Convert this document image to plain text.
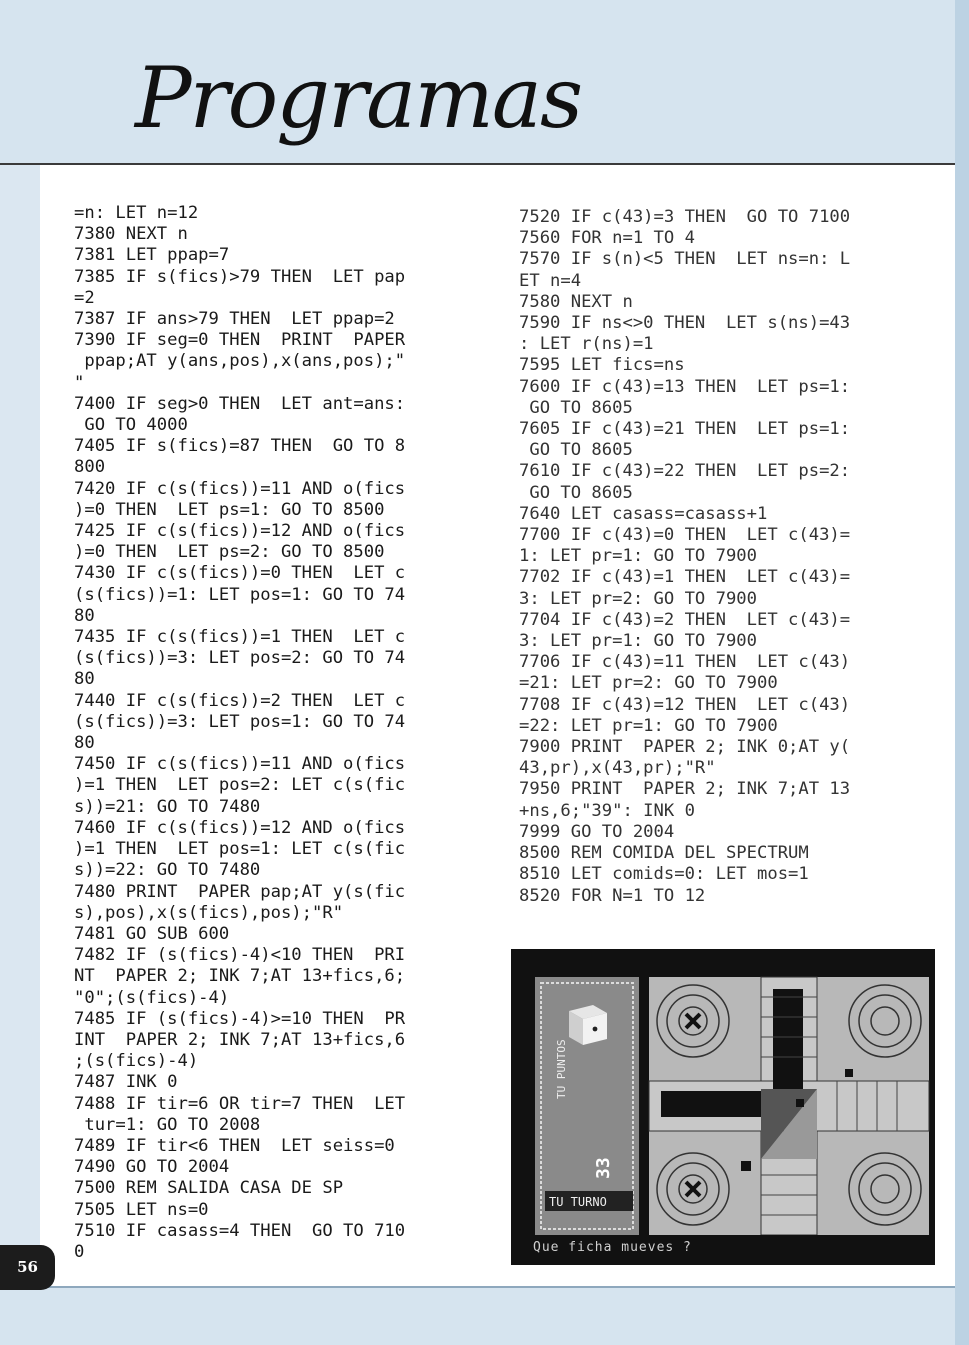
Programas
=n: LET n=12
7380 NEXT n
7381 LET ppap=7
7385 IF s(fics)>79 THEN  LET pap
=2
7387 IF ans>79 THEN  LET ppap=2
7390 IF seg=0 THEN  PRINT  PAPER
ppap;AT y(ans,pos),x(ans,pos);"
"
7400 IF seg>0 THEN  LET ant=ans:
GO TO 4000
7405 IF s(fics)=87 THEN  GO TO 8
800
7420 IF c(s(fics))=11 AND o(fics
)=0 THEN  LET ps=1: GO TO 8500
7425 IF c(s(fics))=12 AND o(fics
)=0 THEN  LET ps=2: GO TO 8500
7430 IF c(s(fics))=0 THEN  LET c
(s(fics))=1: LET pos=1: GO TO 74
80
7435 IF c(s(fics))=1 THEN  LET c
(s(fics))=3: LET pos=2: GO TO 74
80
7440 IF c(s(fics))=2 THEN  LET c
(s(fics))=3: LET pos=1: GO TO 74
80
7450 IF c(s(fics))=11 AND o(fics
)=1 THEN  LET pos=2: LET c(s(fic
s))=21: GO TO 7480
7460 IF c(s(fics))=12 AND o(fics
)=1 THEN  LET pos=1: LET c(s(fic
s))=22: GO TO 7480
7480 PRINT  PAPER pap;AT y(s(fic
s),pos),x(s(fics),pos);"R"
7481 GO SUB 600
7482 IF (s(fics)-4)<10 THEN  PRI
NT  PAPER 2; INK 7;AT 13+fics,6;
"0";(s(fics)-4)
7485 IF (s(fics)-4)>=10 THEN  PR
INT  PAPER 2; INK 7;AT 13+fics,6
;(s(fics)-4)
7487 INK 0
7488 IF tir=6 OR tir=7 THEN  LET
tur=1: GO TO 2008
7489 IF tir<6 THEN  LET seiss=0
7490 GO TO 2004
7500 REM SALIDA CASA DE SP
7505 LET ns=0
7510 IF casass=4 THEN  GO TO 710
0
7520 IF c(43)=3 THEN  GO TO 7100
7560 FOR n=1 TO 4
7570 IF s(n)<5 THEN  LET ns=n: L
ET n=4
7580 NEXT n
7590 IF ns<>0 THEN  LET s(ns)=43
: LET r(ns)=1
7595 LET fics=ns
7600 IF c(43)=13 THEN  LET ps=1:
GO TO 8605
7605 IF c(43)=21 THEN  LET ps=1:
GO TO 8605
7610 IF c(43)=22 THEN  LET ps=2:
GO TO 8605
7640 LET casass=casass+1
7700 IF c(43)=0 THEN  LET c(43)=
1: LET pr=1: GO TO 7900
7702 IF c(43)=1 THEN  LET c(43)=
3: LET pr=2: GO TO 7900
7704 IF c(43)=2 THEN  LET c(43)=
3: LET pr=1: GO TO 7900
7706 IF c(43)=11 THEN  LET c(43)
=21: LET pr=2: GO TO 7900
7708 IF c(43)=12 THEN  LET c(43)
=22: LET pr=1: GO TO 7900
7900 PRINT  PAPER 2; INK 0;AT y(
43,pr),x(43,pr);"R"
7950 PRINT  PAPER 2; INK 7;AT 13
+ns,6;"39": INK 0
7999 GO TO 2004
8500 REM COMIDA DEL SPECTRUM
8510 LET comids=0: LET mos=1
8520 FOR N=1 TO 12
TU PUNTOS
33
TU TURNO
Que ficha mueves ?
56
